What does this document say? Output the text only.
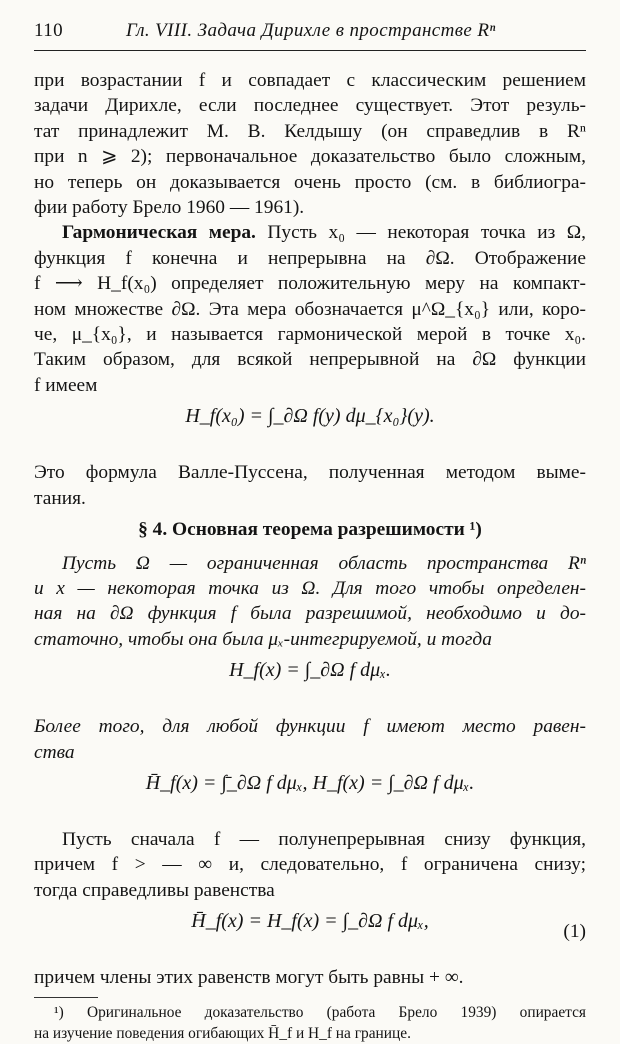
110	Гл. VIII. Задача Дирихле в пространстве Rⁿ
при возрастании f и совпадает с классическим решением
задачи Дирихле, если последнее существует. Этот резуль-
тат принадлежит М. В. Келдышу (он справедлив в Rⁿ
при n ⩾ 2); первоначальное доказательство было сложным,
но теперь он доказывается очень просто (см. в библиогра-
фии работу Брело 1960 — 1961).
Гармоническая мера. Пусть x₀ — некоторая точка из Ω,
функция f конечна и непрерывна на ∂Ω. Отображение
f ⟶ H_f(x₀) определяет положительную меру на компакт-
ном множестве ∂Ω. Эта мера обозначается μ^Ω_{x₀} или, коро-
че, μ_{x₀}, и называется гармонической мерой в точке x₀.
Таким образом, для всякой непрерывной на ∂Ω функции
f имеем
H_f(x₀) = ∫_∂Ω f(y) dμ_{x₀}(y).
Это формула Валле-Пуссена, полученная методом выме-
тания.
§ 4. Основная теорема разрешимости ¹)
Пусть Ω — ограниченная область пространства Rⁿ
и x — некоторая точка из Ω. Для того чтобы определен-
ная на ∂Ω функция f была разрешимой, необходимо и до-
статочно, чтобы она была μₓ-интегрируемой, и тогда
H_f(x) = ∫_∂Ω f dμₓ.
Более того, для любой функции f имеют место равен-
ства
H̄_f(x) = ∫̄_∂Ω f dμₓ, H_f(x) = ∫_∂Ω f dμₓ.
Пусть сначала f — полунепрерывная снизу функция,
причем f > — ∞ и, следовательно, f ограничена снизу;
тогда справедливы равенства
H̄_f(x) = H_f(x) = ∫_∂Ω f dμₓ,	(1)
причем члены этих равенств могут быть равны + ∞.
¹) Оригинальное доказательство (работа Брело 1939) опирается
на изучение поведения огибающих H̄_f и H_f на границе.
